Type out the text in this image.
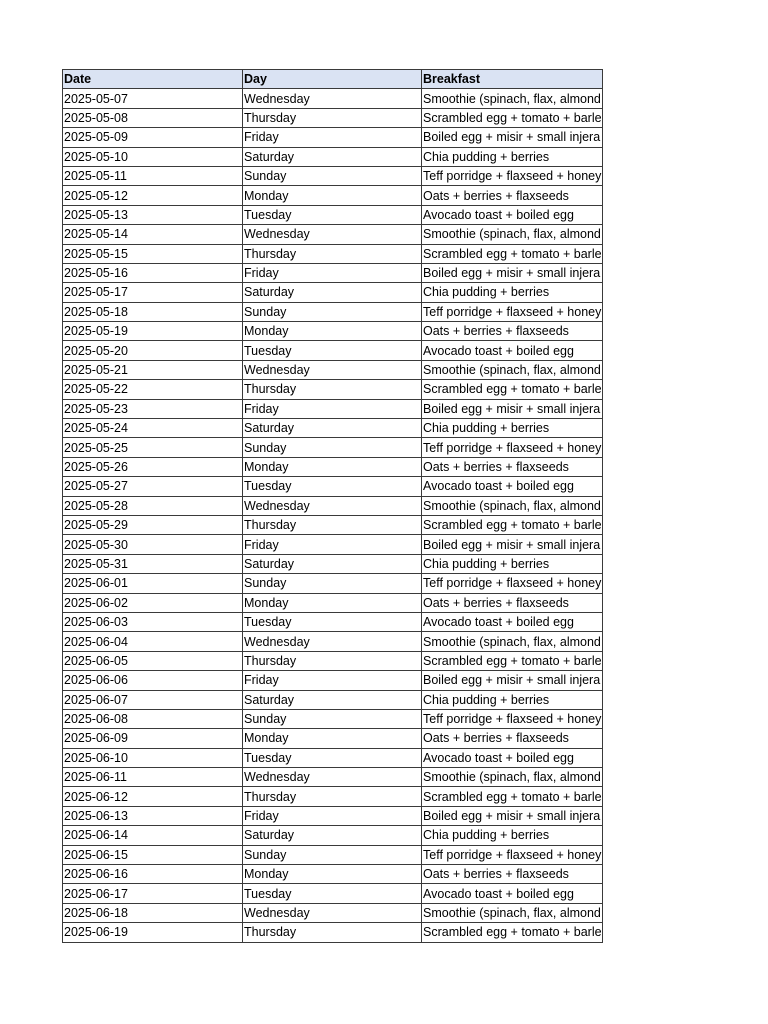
Date	Day	Breakfast
2025-05-07	Wednesday	Smoothie (spinach, flax, almond
2025-05-08	Thursday	Scrambled egg + tomato + barle
2025-05-09	Friday	Boiled egg + misir + small injera
2025-05-10	Saturday	Chia pudding + berries
2025-05-11	Sunday	Teff porridge + flaxseed + honey
2025-05-12	Monday	Oats + berries + flaxseeds
2025-05-13	Tuesday	Avocado toast + boiled egg
2025-05-14	Wednesday	Smoothie (spinach, flax, almond
2025-05-15	Thursday	Scrambled egg + tomato + barle
2025-05-16	Friday	Boiled egg + misir + small injera
2025-05-17	Saturday	Chia pudding + berries
2025-05-18	Sunday	Teff porridge + flaxseed + honey
2025-05-19	Monday	Oats + berries + flaxseeds
2025-05-20	Tuesday	Avocado toast + boiled egg
2025-05-21	Wednesday	Smoothie (spinach, flax, almond
2025-05-22	Thursday	Scrambled egg + tomato + barle
2025-05-23	Friday	Boiled egg + misir + small injera
2025-05-24	Saturday	Chia pudding + berries
2025-05-25	Sunday	Teff porridge + flaxseed + honey
2025-05-26	Monday	Oats + berries + flaxseeds
2025-05-27	Tuesday	Avocado toast + boiled egg
2025-05-28	Wednesday	Smoothie (spinach, flax, almond
2025-05-29	Thursday	Scrambled egg + tomato + barle
2025-05-30	Friday	Boiled egg + misir + small injera
2025-05-31	Saturday	Chia pudding + berries
2025-06-01	Sunday	Teff porridge + flaxseed + honey
2025-06-02	Monday	Oats + berries + flaxseeds
2025-06-03	Tuesday	Avocado toast + boiled egg
2025-06-04	Wednesday	Smoothie (spinach, flax, almond
2025-06-05	Thursday	Scrambled egg + tomato + barle
2025-06-06	Friday	Boiled egg + misir + small injera
2025-06-07	Saturday	Chia pudding + berries
2025-06-08	Sunday	Teff porridge + flaxseed + honey
2025-06-09	Monday	Oats + berries + flaxseeds
2025-06-10	Tuesday	Avocado toast + boiled egg
2025-06-11	Wednesday	Smoothie (spinach, flax, almond
2025-06-12	Thursday	Scrambled egg + tomato + barle
2025-06-13	Friday	Boiled egg + misir + small injera
2025-06-14	Saturday	Chia pudding + berries
2025-06-15	Sunday	Teff porridge + flaxseed + honey
2025-06-16	Monday	Oats + berries + flaxseeds
2025-06-17	Tuesday	Avocado toast + boiled egg
2025-06-18	Wednesday	Smoothie (spinach, flax, almond
2025-06-19	Thursday	Scrambled egg + tomato + barle
